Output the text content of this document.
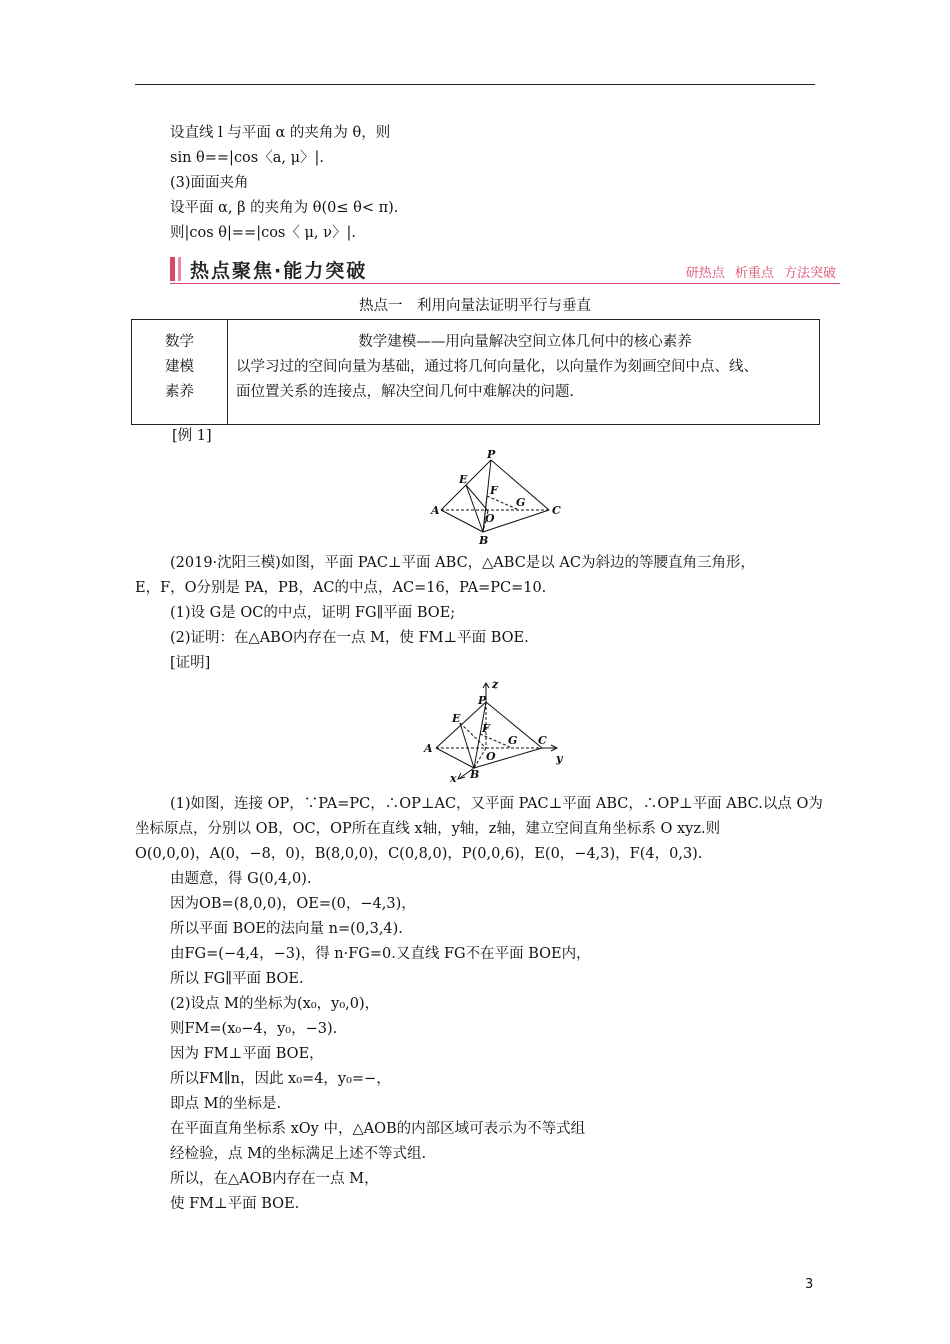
设直线 l 与平面 α 的夹角为 θ，则
sin θ==|cos〈a, μ〉|.
(3)面面夹角
设平面 α, β 的夹角为 θ(0≤ θ< π).
则|cos θ|==|cos〈 μ, ν〉|.
热点聚焦·能力突破	研热点 析重点 方法突破
热点一　利用向量法证明平行与垂直
数学
建模
素养
数学建模——用向量解决空间立体几何中的核心素养
以学习过的空间向量为基础，通过将几何向量化，以向量作为刻画空间中点、线、
面位置关系的连接点，解决空间几何中难解决的问题.
[例 1]
P
E
F
G
A
O
C
B
(2019·沈阳三模)如图，平面 PAC⊥平面 ABC，△ABC是以 AC为斜边的等腰直角三角形，
E，F，O分别是 PA，PB，AC的中点，AC=16，PA=PC=10.
(1)设 G是 OC的中点，证明 FG∥平面 BOE;
(2)证明：在△ABO内存在一点 M，使 FM⊥平面 BOE.
[证明]
z
P
E
F
G
A
O
C
y
x B
(1)如图，连接 OP，∵PA=PC，∴OP⊥AC，又平面 PAC⊥平面 ABC，∴OP⊥平面 ABC.以点 O为
坐标原点，分别以 OB，OC，OP所在直线 x轴，y轴，z轴，建立空间直角坐标系 O xyz.则
O(0,0,0)，A(0，−8，0)，B(8,0,0)，C(0,8,0)，P(0,0,6)，E(0，−4,3)，F(4，0,3).
由题意，得 G(0,4,0).
因为OB=(8,0,0)，OE=(0，−4,3)，
所以平面 BOE的法向量 n=(0,3,4).
由FG=(−4,4，−3)，得 n·FG=0.又直线 FG不在平面 BOE内，
所以 FG∥平面 BOE.
(2)设点 M的坐标为(x₀，y₀,0)，
则FM=(x₀−4，y₀，−3).
因为 FM⊥平面 BOE，
所以FM∥n，因此 x₀=4，y₀=−，
即点 M的坐标是.
在平面直角坐标系 xOy 中，△AOB的内部区域可表示为不等式组
经检验，点 M的坐标满足上述不等式组.
所以，在△AOB内存在一点 M，
使 FM⊥平面 BOE.
3
